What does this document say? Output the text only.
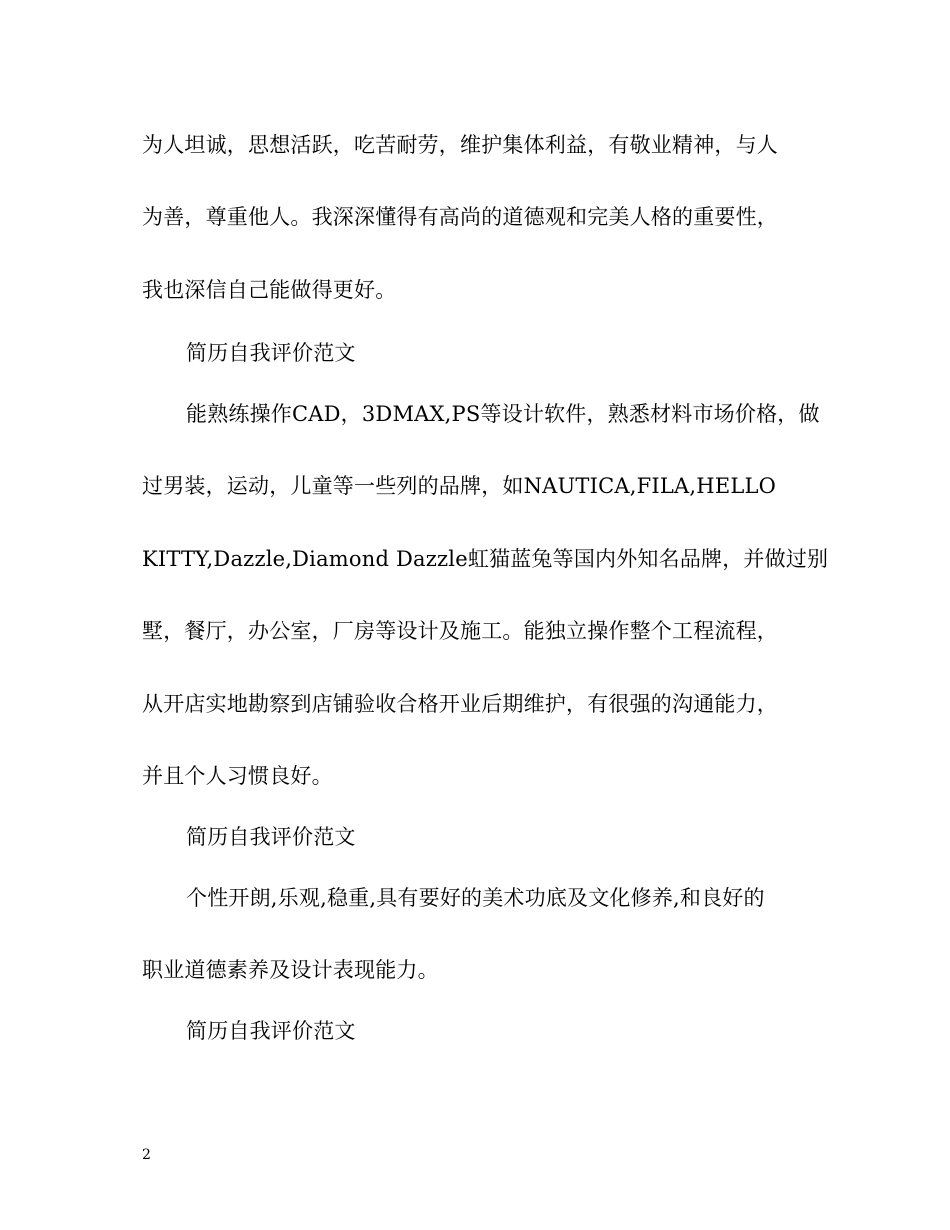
为人坦诚，思想活跃，吃苦耐劳，维护集体利益，有敬业精神，与人
为善，尊重他人。我深深懂得有高尚的道德观和完美人格的重要性，
我也深信自己能做得更好。
简历自我评价范文
能熟练操作CAD，3DMAX,PS等设计软件，熟悉材料市场价格，做
过男装，运动，儿童等一些列的品牌，如NAUTICA,FILA,HELLO
KITTY,Dazzle,Diamond Dazzle虹猫蓝兔等国内外知名品牌，并做过别
墅，餐厅，办公室，厂房等设计及施工。能独立操作整个工程流程，
从开店实地勘察到店铺验收合格开业后期维护，有很强的沟通能力，
并且个人习惯良好。
简历自我评价范文
个性开朗,乐观,稳重,具有要好的美术功底及文化修养,和良好的
职业道德素养及设计表现能力。
简历自我评价范文
2
